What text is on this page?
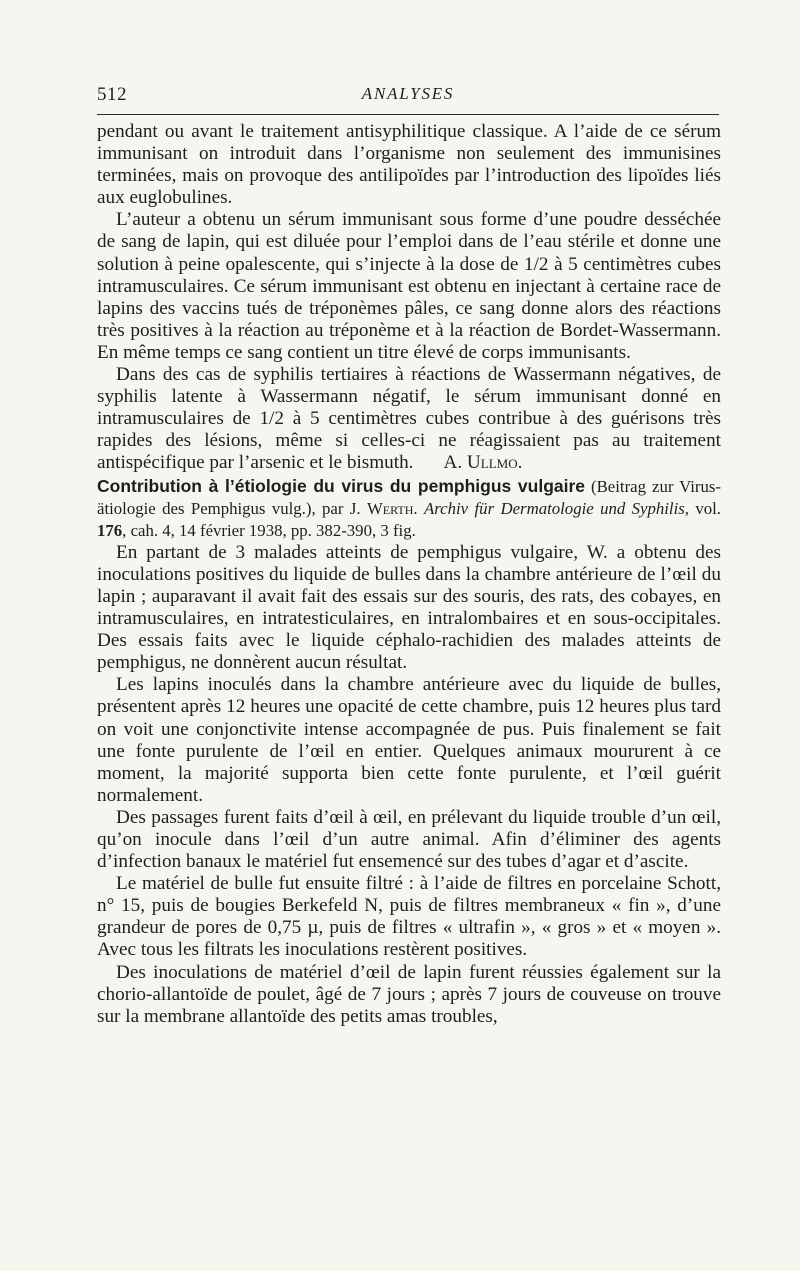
512	ANALYSES

pendant ou avant le traitement antisyphilitique classique. A l’aide de ce sérum immunisant on introduit dans l’organisme non seulement des immunisines terminées, mais on provoque des antilipoïdes par l’introduction des lipoïdes liés aux euglobulines.

L’auteur a obtenu un sérum immunisant sous forme d’une poudre desséchée de sang de lapin, qui est diluée pour l’emploi dans de l’eau stérile et donne une solution à peine opalescente, qui s’injecte à la dose de 1/2 à 5 centimètres cubes intramusculaires. Ce sérum immunisant est obtenu en injectant à certaine race de lapins des vaccins tués de tréponèmes pâles, ce sang donne alors des réactions très positives à la réaction au tréponème et à la réaction de Bordet-Wassermann. En même temps ce sang contient un titre élevé de corps immunisants.

Dans des cas de syphilis tertiaires à réactions de Wassermann négatives, de syphilis latente à Wassermann négatif, le sérum immunisant donné en intramusculaires de 1/2 à 5 centimètres cubes contribue à des guérisons très rapides des lésions, même si celles-ci ne réagissaient pas au traitement antispécifique par l’arsenic et le bismuth. A. Ullmo.

Contribution à l’étiologie du virus du pemphigus vulgaire (Beitrag zur Virusätiologie des Pemphigus vulg.), par J. Werth. Archiv für Dermatologie und Syphilis, vol. 176, cah. 4, 14 février 1938, pp. 382-390, 3 fig.

En partant de 3 malades atteints de pemphigus vulgaire, W. a obtenu des inoculations positives du liquide de bulles dans la chambre antérieure de l’œil du lapin ; auparavant il avait fait des essais sur des souris, des rats, des cobayes, en intramusculaires, en intratesticulaires, en intralombaires et en sous-occipitales. Des essais faits avec le liquide céphalo-rachidien des malades atteints de pemphigus, ne donnèrent aucun résultat.

Les lapins inoculés dans la chambre antérieure avec du liquide de bulles, présentent après 12 heures une opacité de cette chambre, puis 12 heures plus tard on voit une conjonctivite intense accompagnée de pus. Puis finalement se fait une fonte purulente de l’œil en entier. Quelques animaux moururent à ce moment, la majorité supporta bien cette fonte purulente, et l’œil guérit normalement.

Des passages furent faits d’œil à œil, en prélevant du liquide trouble d’un œil, qu’on inocule dans l’œil d’un autre animal. Afin d’éliminer des agents d’infection banaux le matériel fut ensemencé sur des tubes d’agar et d’ascite.

Le matériel de bulle fut ensuite filtré : à l’aide de filtres en porcelaine Schott, n° 15, puis de bougies Berkefeld N, puis de filtres membraneux « fin », d’une grandeur de pores de 0,75 µ, puis de filtres « ultrafin », « gros » et « moyen ». Avec tous les filtrats les inoculations restèrent positives.

Des inoculations de matériel d’œil de lapin furent réussies également sur la chorio-allantoïde de poulet, âgé de 7 jours ; après 7 jours de couveuse on trouve sur la membrane allantoïde des petits amas troubles,
